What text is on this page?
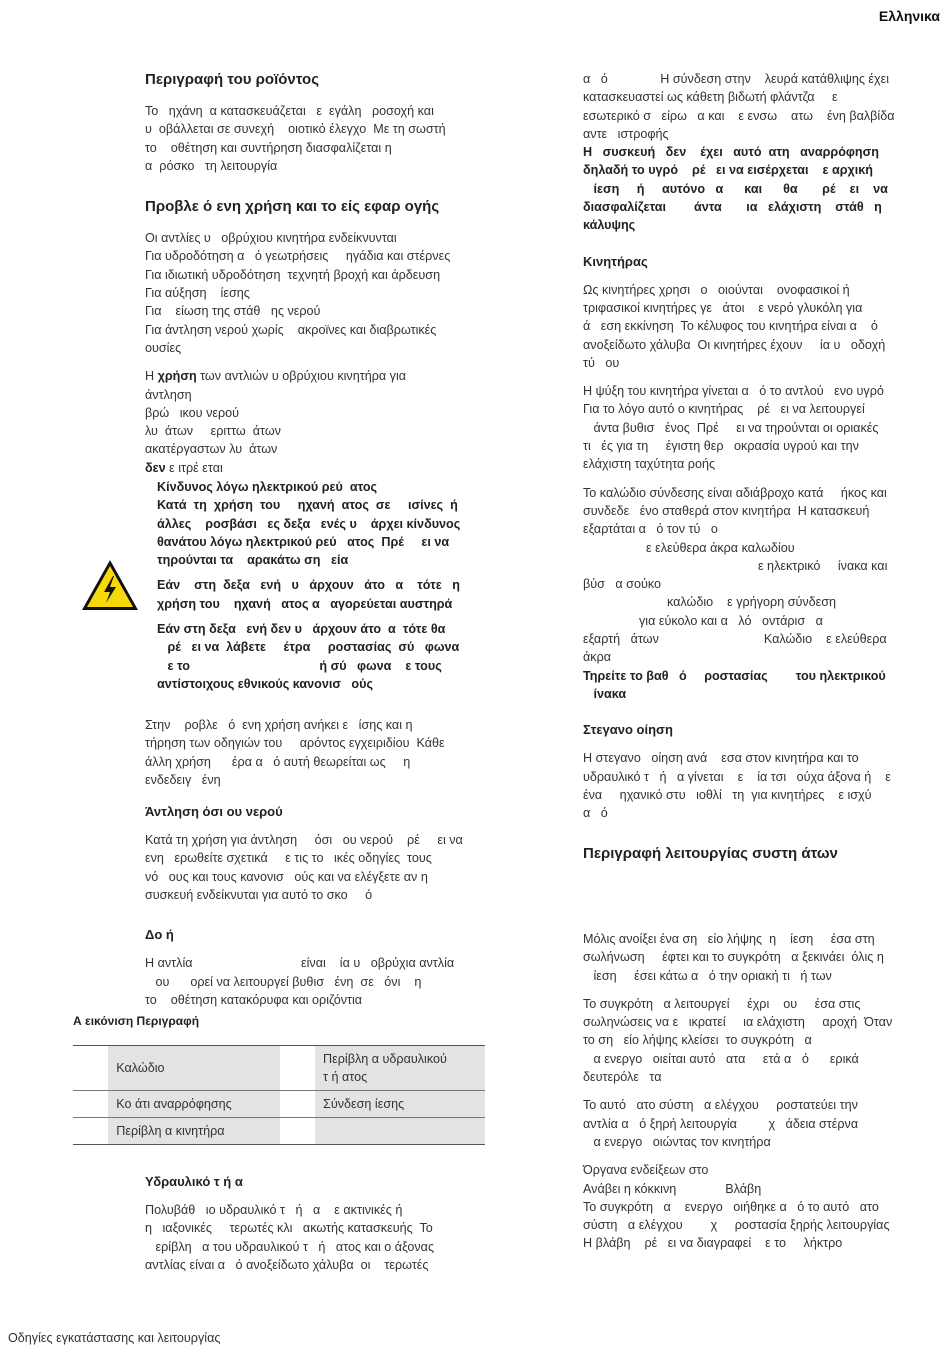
Ελληνικα
Περιγραφή του ροϊόντος
Το   ηχάνη  α κατασκευάζεται   ε  εγάλη   ροσοχή και
υ  οβάλλεται σε συνεχή    οιοτικό έλεγχο  Με τη σωστή
το    οθέτηση και συντήρηση διασφαλίζεται η
α  ρόσκο   τη λειτουργία
Προβλε ό ενη χρήση και το είς εφαρ ογής
Οι αντλίες υ   οβρύχιου κινητήρα ενδείκνυνται
Για υδροδότηση α   ό γεωτρήσεις     ηγάδια και στέρνες
Για ιδιωτική υδροδότηση  τεχνητή βροχή και άρδευση
Για αύξηση    ίεσης
Για    είωση της στάθ   ης νερού
Για άντληση νερού χωρίς    ακροϊνες και διαβρωτικές
ουσίες
Η χρήση των αντλιών υ οβρύχιου κινητήρα για
άντληση
βρώ   ικου νερού
λυ  άτων     εριττω  άτων
ακατέργαστων λυ  άτων
δεν ε ιτρέ εται
Κίνδυνος λόγω ηλεκτρικού ρεύ  ατος
Κατά  τη  χρήση  του     ηχανή  ατος  σε     ισίνες  ή
άλλες    ροσβάσι   ες δεξα   ενές υ    άρχει κίνδυνος
θανάτου λόγω ηλεκτρικού ρεύ   ατος  Πρέ     ει να
τηρούνται τα    αρακάτω ση   εία
Εάν    στη  δεξα   ενή   υ   άρχουν   άτο   α    τότε   η
χρήση του    ηχανή   ατος α   αγορεύεται αυστηρά
Εάν στη δεξα   ενή δεν υ   άρχουν άτο  α  τότε θα
ρέ   ει να  λάβετε     έτρα     ροστασίας  σύ   φωνα
ε το                                     ή σύ   φωνα    ε τους
αντίστοιχους εθνικούς κανονισ   ούς
Στην    ροβλε   ό  ενη χρήση ανήκει ε   ίσης και η
τήρηση των οδηγιών του     αρόντος εγχειριδίου  Κάθε
άλλη χρήση      έρα α   ό αυτή θεωρείται ως     η
ενδεδειγ   ένη
Άντληση όσι ου νερού
Κατά τη χρήση για άντληση     όσι   ου νερού    ρέ     ει να
ενη   ερωθείτε σχετικά     ε τις το   ικές οδηγίες  τους
νό   ους και τους κανονισ   ούς και να ελέγξετε αν η
συσκευή ενδείκνυται για αυτό το σκο     ό
Δο ή
Η αντλία                               είναι    ία υ   οβρύχια αντλία
ου      ορεί να λειτουργεί βυθισ   ένη  σε   όνι    η
το    οθέτηση κατακόρυφα και οριζόντια
Α εικόνιση Περιγραφή
	Καλώδιο		Περίβλη α υδραυλικού
τ ή ατος
	Κο άτι αναρρόφησης		Σύνδεση ίεσης
	Περίβλη α κινητήρα		
Υδραυλικό τ ή α
Πολυβάθ   ιο υδραυλικό τ   ή   α    ε ακτινικές ή
η   ιαξονικές     τερωτές κλι   ακωτής κατασκευής  Το
ερίβλη   α του υδραυλικού τ   ή   ατος και ο άξονας
αντλίας είναι α   ό ανοξείδωτο χάλυβα  οι    τερωτές
α   ό               Η σύνδεση στην    λευρά κατάθλιψης έχει
κατασκευαστεί ως κάθετη βιδωτή φλάντζα     ε
εσωτερικό σ   είρω   α και    ε ενσω    ατω    ένη βαλβίδα
αντε   ιστροφής
Η   συσκευή   δεν    έχει   αυτό  ατη   αναρρόφηση
δηλαδή το υγρό    ρέ   ει να εισέρχεται    ε αρχική
ίεση     ή     αυτόνο   α      και      θα       ρέ    ει    να
διασφαλίζεται        άντα       ια   ελάχιστη    στάθ   η
κάλυψης
Κινητήρας
Ως κινητήρες χρησι   ο   οιούνται    ονοφασικοί ή
τριφασικοί κινητήρες γε   άτοι    ε νερό γλυκόλη για
ά   εση εκκίνηση  Το κέλυφος του κινητήρα είναι α    ό
ανοξείδωτο χάλυβα  Οι κινητήρες έχουν     ία υ   οδοχή
τύ   ου
Η ψύξη του κινητήρα γίνεται α   ό το αντλού   ενο υγρό
Για το λόγο αυτό ο κινητήρας    ρέ   ει να λειτουργεί
άντα βυθισ   ένος  Πρέ     ει να τηρούνται οι οριακές
τι   ές για τη     έγιστη θερ   οκρασία υγρού και την
ελάχιστη ταχύτητα ροής
Το καλώδιο σύνδεσης είναι αδιάβροχο κατά     ήκος και
συνδεδε   ένο σταθερά στον κινητήρα  Η κατασκευή
εξαρτάται α   ό τον τύ   ο
ε ελεύθερα άκρα καλωδίου
ε ηλεκτρικό     ίνακα και
βύσ   α σούκο
καλώδιο    ε γρήγορη σύνδεση
για εύκολο και α   λό   οντάρισ   α
εξαρτή   άτων                              Καλώδιο    ε ελεύθερα
άκρα
Τηρείτε το βαθ   ό     ροστασίας        του ηλεκτρικού
ίνακα
Στεγανο οίηση
Η στεγανο   οίηση ανά    εσα στον κινητήρα και το
υδραυλικό τ   ή   α γίνεται    ε    ία τσι   ούχα άξονα ή    ε
ένα     ηχανικό στυ   ιοθλί   τη  για κινητήρες    ε ισχύ
α   ό
Περιγραφή λειτουργίας συστη άτων
Μόλις ανοίξει ένα ση   είο λήψης  η    ίεση     έσα στη
σωλήνωση     έφτει και το συγκρότη   α ξεκινάει  όλις η
ίεση     έσει κάτω α   ό την οριακή τι   ή των
Το συγκρότη   α λειτουργεί     έχρι    ου     έσα στις
σωληνώσεις να ε   ικρατεί     ια ελάχιστη     αροχή  Όταν
το ση   είο λήψης κλείσει  το συγκρότη   α
α ενεργο   οιείται αυτό   ατα     ετά α   ό      ερικά
δευτερόλε   τα
Το αυτό   ατο σύστη   α ελέγχου     ροστατεύει την
αντλία α   ό ξηρή λειτουργία         χ   άδεια στέρνα
α ενεργο   οιώντας τον κινητήρα
Όργανα ενδείξεων στο
Ανάβει η κόκκινη              Βλάβη
Το συγκρότη   α    ενεργο   οιήθηκε α   ό το αυτό   ατο
σύστη   α ελέγχου        χ     ροστασία ξηρής λειτουργίας
Η βλάβη    ρέ   ει να διαγραφεί    ε το     λήκτρο
Οδηγίες εγκατάστασης και λειτουργίας
